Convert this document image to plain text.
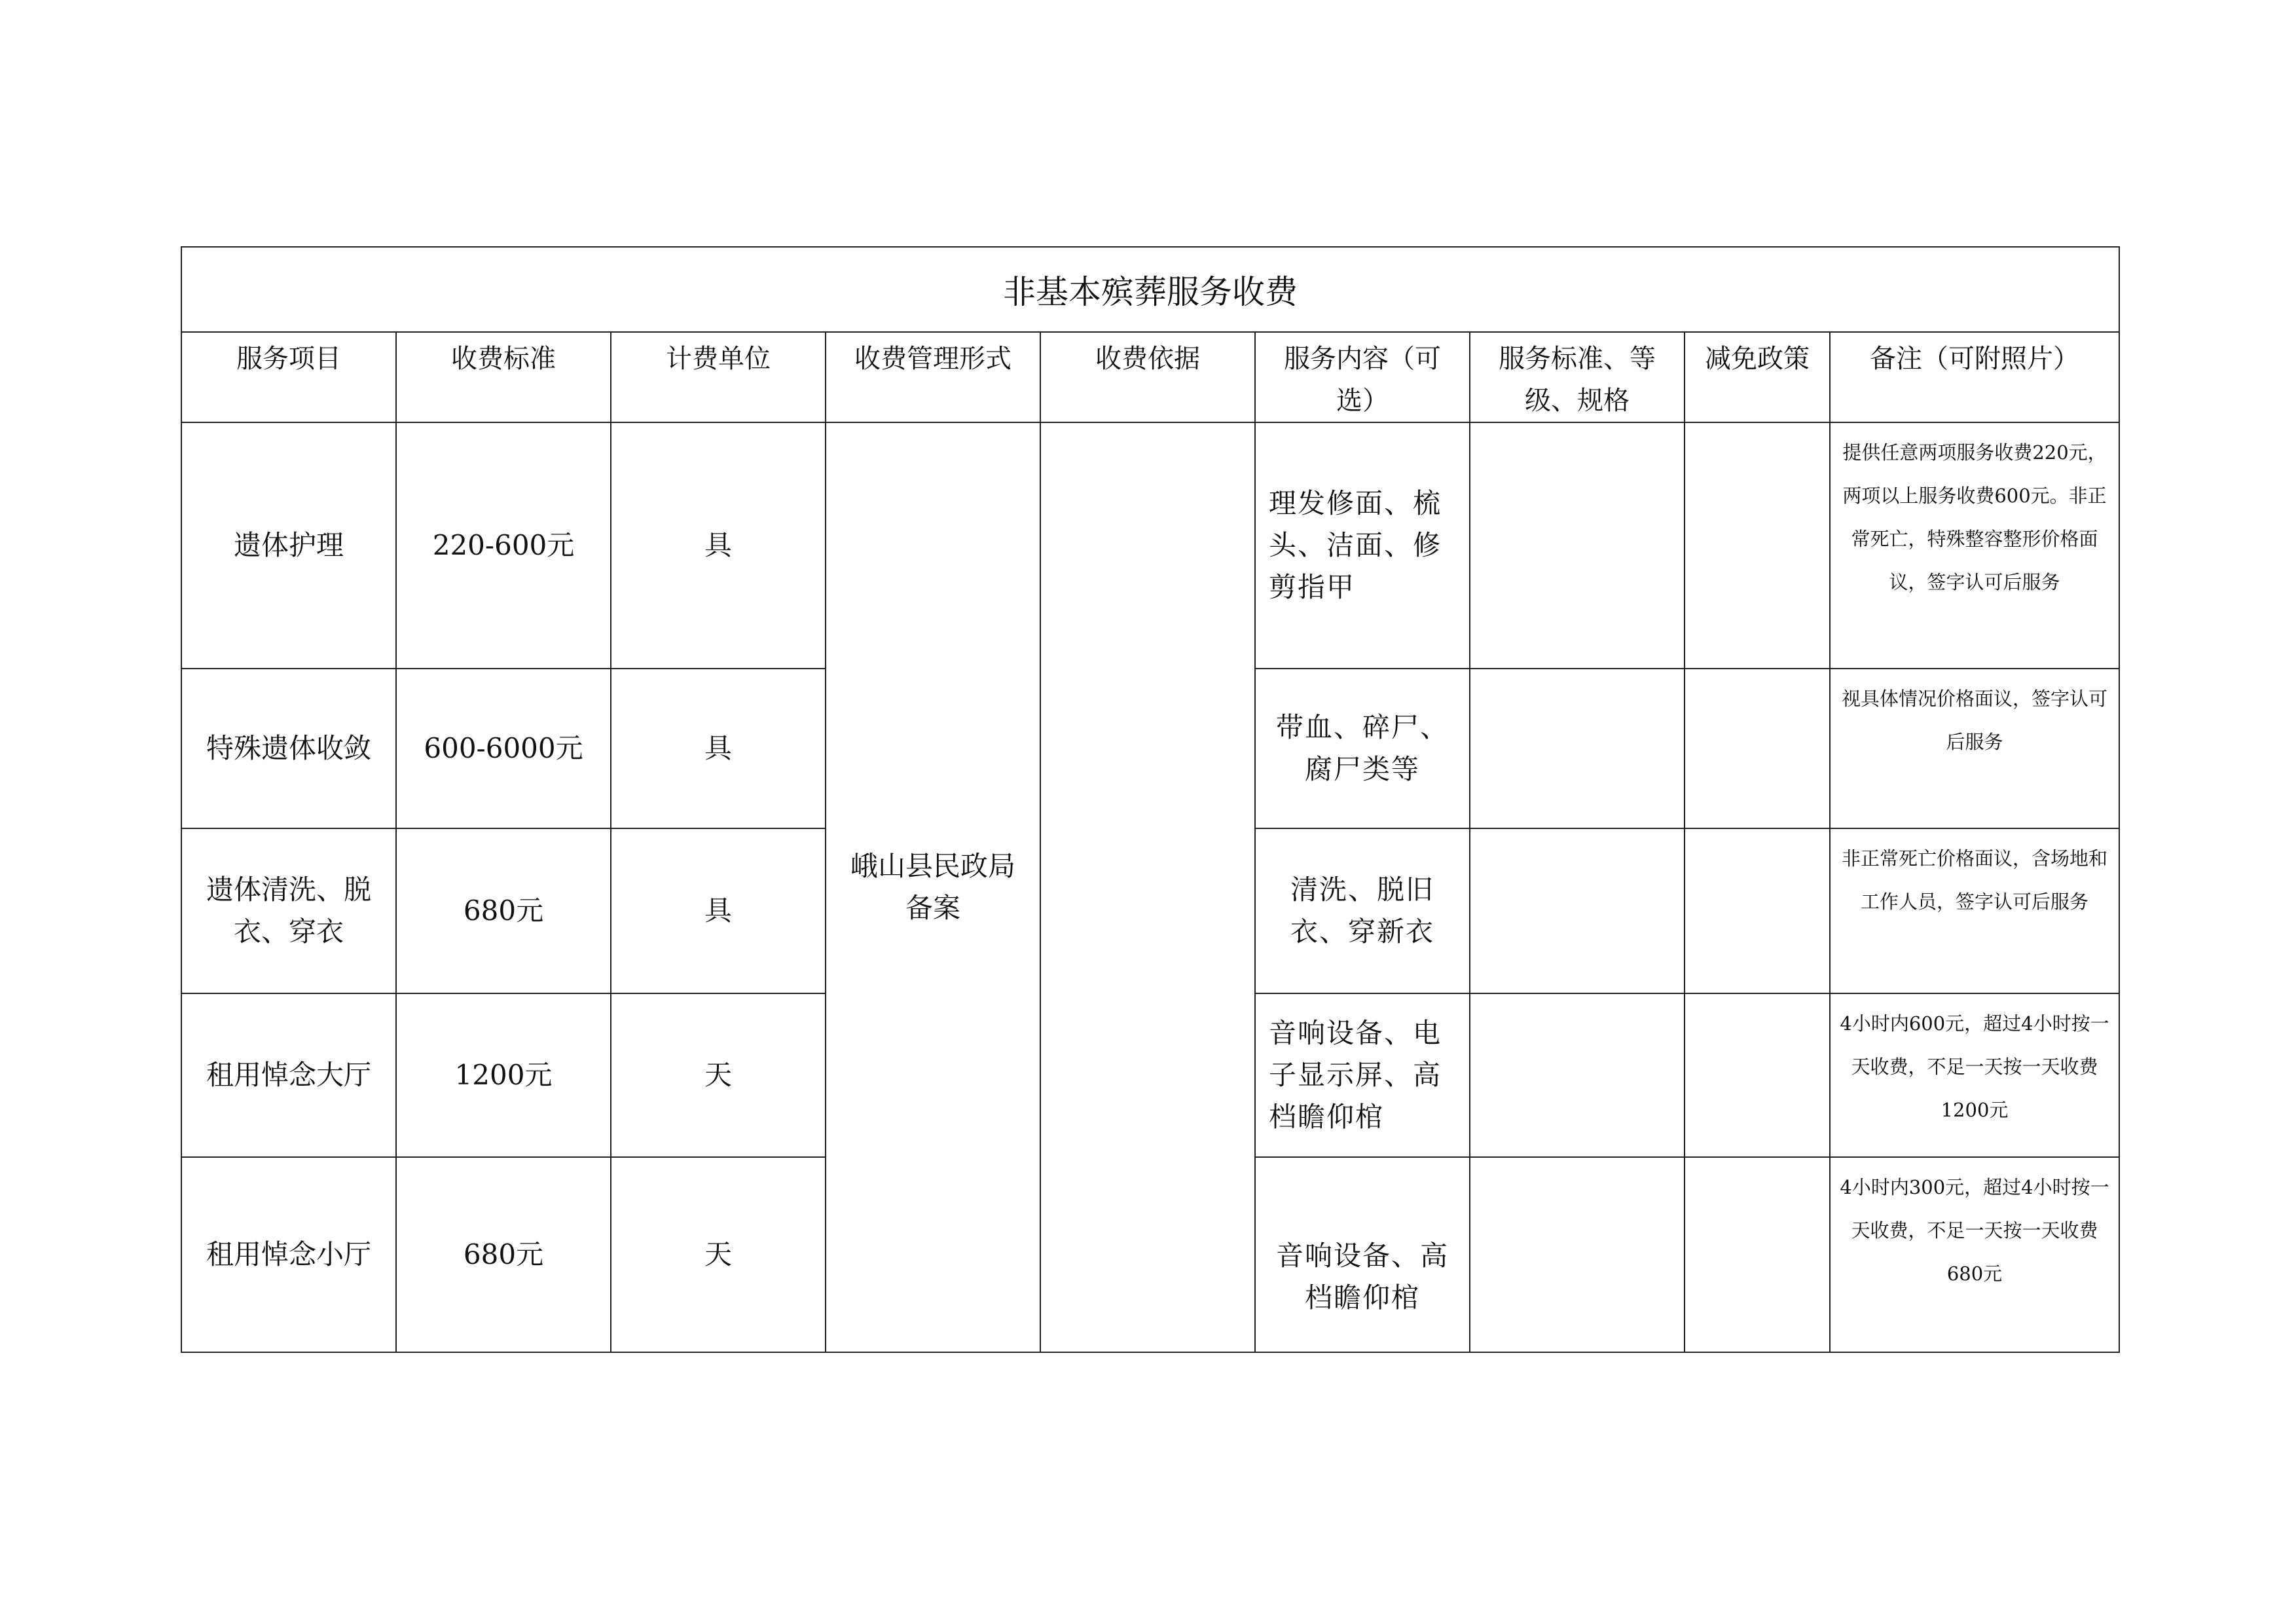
非基本殡葬服务收费								
服务项目	收费标准	计费单位	收费管理形式	收费依据	服务内容（可选）	服务标准、等级、规格	减免政策	备注（可附照片）
遗体护理	220-600元	具	峨山县民政局备案		理发修面、梳头、洁面、修剪指甲			提供任意两项服务收费220元，两项以上服务收费600元。非正常死亡，特殊整容整形价格面议，签字认可后服务
特殊遗体收敛	600-6000元	具			带血、碎尸、腐尸类等			视具体情况价格面议，签字认可后服务
遗体清洗、脱衣、穿衣	680元	具			清洗、脱旧衣、穿新衣			非正常死亡价格面议，含场地和工作人员，签字认可后服务
租用悼念大厅	1200元	天			音响设备、电子显示屏、高档瞻仰棺			4小时内600元，超过4小时按一天收费，不足一天按一天收费1200元
租用悼念小厅	680元	天			音响设备、高档瞻仰棺			4小时内300元，超过4小时按一天收费，不足一天按一天收费680元
